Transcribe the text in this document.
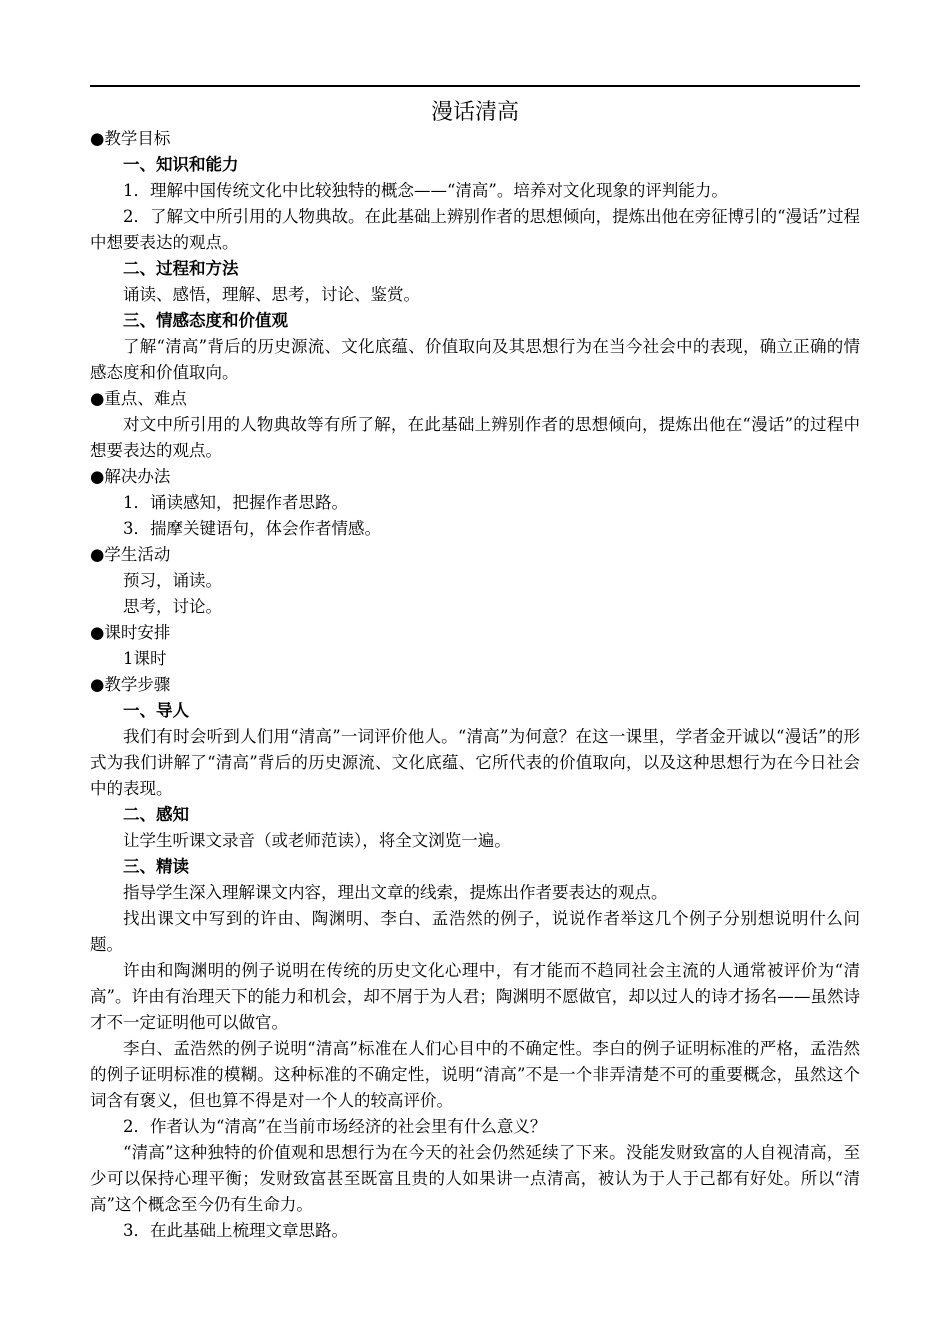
漫话清高

●教学目标

一、知识和能力

1．理解中国传统文化中比较独特的概念——“清高”。培养对文化现象的评判能力。

2．了解文中所引用的人物典故。在此基础上辨别作者的思想倾向，提炼出他在旁征博引的“漫话”过程中想要表达的观点。

二、过程和方法

诵读、感悟，理解、思考，讨论、鉴赏。

三、情感态度和价值观

了解“清高”背后的历史源流、文化底蕴、价值取向及其思想行为在当今社会中的表现，确立正确的情感态度和价值取向。

●重点、难点

对文中所引用的人物典故等有所了解，在此基础上辨别作者的思想倾向，提炼出他在“漫话”的过程中想要表达的观点。

●解决办法

1．诵读感知，把握作者思路。

3．揣摩关键语句，体会作者情感。

●学生活动

预习，诵读。

思考，讨论。

●课时安排

1课时

●教学步骤

一、导人

我们有时会听到人们用“清高”一词评价他人。“清高”为何意？在这一课里，学者金开诚以“漫话”的形式为我们讲解了“清高”背后的历史源流、文化底蕴、它所代表的价值取向，以及这种思想行为在今日社会中的表现。

二、感知

让学生听课文录音（或老师范读），将全文浏览一遍。

三、精读

指导学生深入理解课文内容，理出文章的线索，提炼出作者要表达的观点。

找出课文中写到的许由、陶渊明、李白、孟浩然的例子，说说作者举这几个例子分别想说明什么问题。

许由和陶渊明的例子说明在传统的历史文化心理中，有才能而不趋同社会主流的人通常被评价为“清高”。许由有治理天下的能力和机会，却不屑于为人君；陶渊明不愿做官，却以过人的诗才扬名——虽然诗才不一定证明他可以做官。

李白、孟浩然的例子说明“清高”标准在人们心目中的不确定性。李白的例子证明标准的严格，孟浩然的例子证明标准的模糊。这种标准的不确定性，说明“清高”不是一个非弄清楚不可的重要概念，虽然这个词含有褒义，但也算不得是对一个人的较高评价。

2．作者认为“清高”在当前市场经济的社会里有什么意义？

“清高”这种独特的价值观和思想行为在今天的社会仍然延续了下来。没能发财致富的人自视清高，至少可以保持心理平衡；发财致富甚至既富且贵的人如果讲一点清高，被认为于人于己都有好处。所以“清高”这个概念至今仍有生命力。

3．在此基础上梳理文章思路。
